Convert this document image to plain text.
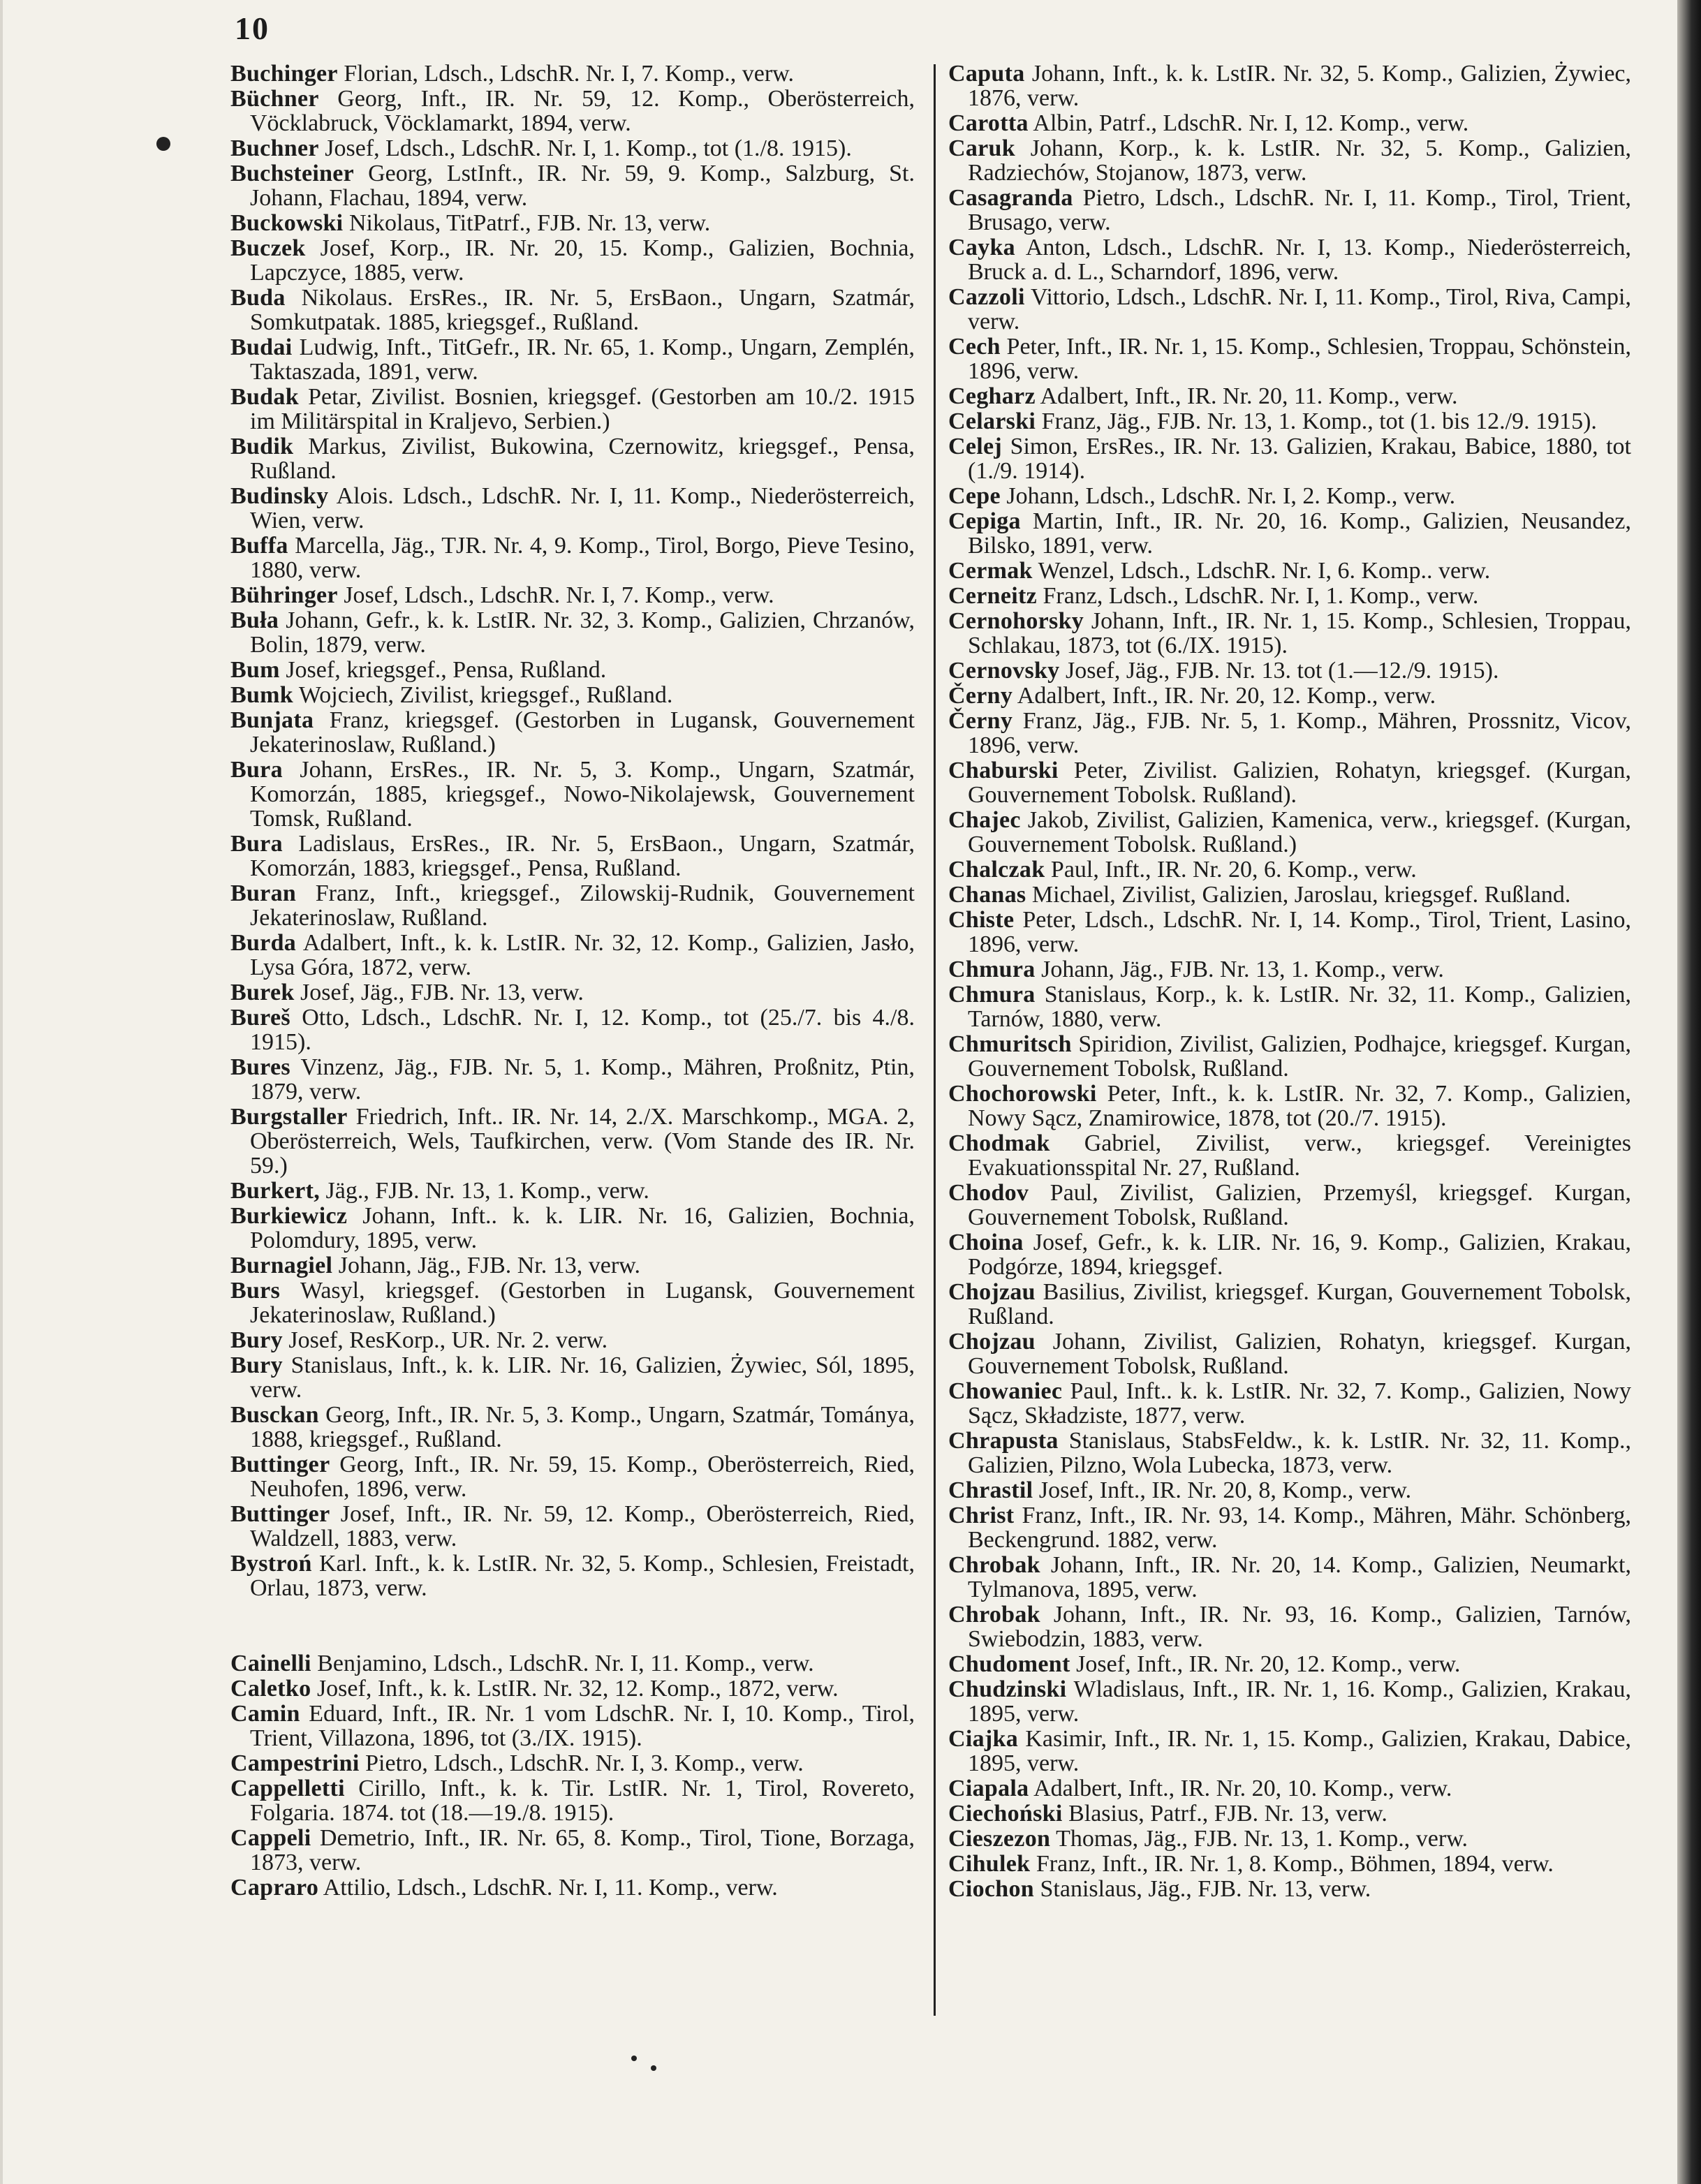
10

Buchinger Florian, Ldsch., LdschR. Nr. I, 7. Komp., verw.

Büchner Georg, Inft., IR. Nr. 59, 12. Komp., Oberösterreich, Vöcklabruck, Vöcklamarkt, 1894, verw.

Buchner Josef, Ldsch., LdschR. Nr. I, 1. Komp., tot (1./8. 1915).

Buchsteiner Georg, LstInft., IR. Nr. 59, 9. Komp., Salzburg, St. Johann, Flachau, 1894, verw.

Buckowski Nikolaus, TitPatrf., FJB. Nr. 13, verw.

Buczek Josef, Korp., IR. Nr. 20, 15. Komp., Galizien, Bochnia, Lapczyce, 1885, verw.

Buda Nikolaus. ErsRes., IR. Nr. 5, ErsBaon., Ungarn, Szatmár, Somkutpatak. 1885, kriegsgef., Rußland.

Budai Ludwig, Inft., TitGefr., IR. Nr. 65, 1. Komp., Ungarn, Zemplén, Taktaszada, 1891, verw.

Budak Petar, Zivilist. Bosnien, kriegsgef. (Gestorben am 10./2. 1915 im Militärspital in Kraljevo, Serbien.)

Budik Markus, Zivilist, Bukowina, Czernowitz, kriegsgef., Pensa, Rußland.

Budinsky Alois. Ldsch., LdschR. Nr. I, 11. Komp., Niederösterreich, Wien, verw.

Buffa Marcella, Jäg., TJR. Nr. 4, 9. Komp., Tirol, Borgo, Pieve Tesino, 1880, verw.

Bühringer Josef, Ldsch., LdschR. Nr. I, 7. Komp., verw.

Buła Johann, Gefr., k. k. LstIR. Nr. 32, 3. Komp., Galizien, Chrzanów, Bolin, 1879, verw.

Bum Josef, kriegsgef., Pensa, Rußland.

Bumk Wojciech, Zivilist, kriegsgef., Rußland.

Bunjata Franz, kriegsgef. (Gestorben in Lugansk, Gouvernement Jekaterinoslaw, Rußland.)

Bura Johann, ErsRes., IR. Nr. 5, 3. Komp., Ungarn, Szatmár, Komorzán, 1885, kriegsgef., Nowo-Nikolajewsk, Gouvernement Tomsk, Rußland.

Bura Ladislaus, ErsRes., IR. Nr. 5, ErsBaon., Ungarn, Szatmár, Komorzán, 1883, kriegsgef., Pensa, Rußland.

Buran Franz, Inft., kriegsgef., Zilowskij-Rudnik, Gouvernement Jekaterinoslaw, Rußland.

Burda Adalbert, Inft., k. k. LstIR. Nr. 32, 12. Komp., Galizien, Jasło, Lysa Góra, 1872, verw.

Burek Josef, Jäg., FJB. Nr. 13, verw.

Bureš Otto, Ldsch., LdschR. Nr. I, 12. Komp., tot (25./7. bis 4./8. 1915).

Bures Vinzenz, Jäg., FJB. Nr. 5, 1. Komp., Mähren, Proßnitz, Ptin, 1879, verw.

Burgstaller Friedrich, Inft.. IR. Nr. 14, 2./X. Marschkomp., MGA. 2, Oberösterreich, Wels, Taufkirchen, verw. (Vom Stande des IR. Nr. 59.)

Burkert, Jäg., FJB. Nr. 13, 1. Komp., verw.

Burkiewicz Johann, Inft.. k. k. LIR. Nr. 16, Galizien, Bochnia, Polomdury, 1895, verw.

Burnagiel Johann, Jäg., FJB. Nr. 13, verw.

Burs Wasyl, kriegsgef. (Gestorben in Lugansk, Gouvernement Jekaterinoslaw, Rußland.)

Bury Josef, ResKorp., UR. Nr. 2. verw.

Bury Stanislaus, Inft., k. k. LIR. Nr. 16, Galizien, Żywiec, Sól, 1895, verw.

Busckan Georg, Inft., IR. Nr. 5, 3. Komp., Ungarn, Szatmár, Tományа, 1888, kriegsgef., Rußland.

Buttinger Georg, Inft., IR. Nr. 59, 15. Komp., Oberösterreich, Ried, Neuhofen, 1896, verw.

Buttinger Josef, Inft., IR. Nr. 59, 12. Komp., Oberösterreich, Ried, Waldzell, 1883, verw.

Bystroń Karl. Inft., k. k. LstIR. Nr. 32, 5. Komp., Schlesien, Freistadt, Orlau, 1873, verw.

Cainelli Benjamino, Ldsch., LdschR. Nr. I, 11. Komp., verw.

Caletko Josef, Inft., k. k. LstIR. Nr. 32, 12. Komp., 1872, verw.

Camin Eduard, Inft., IR. Nr. 1 vom LdschR. Nr. I, 10. Komp., Tirol, Trient, Villazona, 1896, tot (3./IX. 1915).

Campestrini Pietro, Ldsch., LdschR. Nr. I, 3. Komp., verw.

Cappelletti Cirillo, Inft., k. k. Tir. LstIR. Nr. 1, Tirol, Rovereto, Folgaria. 1874. tot (18.—19./8. 1915).

Cappeli Demetrio, Inft., IR. Nr. 65, 8. Komp., Tirol, Tione, Borzaga, 1873, verw.

Capraro Attilio, Ldsch., LdschR. Nr. I, 11. Komp., verw.

Caputa Johann, Inft., k. k. LstIR. Nr. 32, 5. Komp., Galizien, Żywiec, 1876, verw.

Carotta Albin, Patrf., LdschR. Nr. I, 12. Komp., verw.

Caruk Johann, Korp., k. k. LstIR. Nr. 32, 5. Komp., Galizien, Radziechów, Stojanow, 1873, verw.

Casagranda Pietro, Ldsch., LdschR. Nr. I, 11. Komp., Tirol, Trient, Brusago, verw.

Cayka Anton, Ldsch., LdschR. Nr. I, 13. Komp., Niederösterreich, Bruck a. d. L., Scharndorf, 1896, verw.

Cazzoli Vittorio, Ldsch., LdschR. Nr. I, 11. Komp., Tirol, Riva, Campi, verw.

Cech Peter, Inft., IR. Nr. 1, 15. Komp., Schlesien, Troppau, Schönstein, 1896, verw.

Cegharz Adalbert, Inft., IR. Nr. 20, 11. Komp., verw.

Celarski Franz, Jäg., FJB. Nr. 13, 1. Komp., tot (1. bis 12./9. 1915).

Celej Simon, ErsRes., IR. Nr. 13. Galizien, Krakau, Babice, 1880, tot (1./9. 1914).

Cepe Johann, Ldsch., LdschR. Nr. I, 2. Komp., verw.

Cepiga Martin, Inft., IR. Nr. 20, 16. Komp., Galizien, Neusandez, Bilsko, 1891, verw.

Cermak Wenzel, Ldsch., LdschR. Nr. I, 6. Komp.. verw.

Cerneitz Franz, Ldsch., LdschR. Nr. I, 1. Komp., verw.

Cernohorsky Johann, Inft., IR. Nr. 1, 15. Komp., Schlesien, Troppau, Schlakau, 1873, tot (6./IX. 1915).

Cernovsky Josef, Jäg., FJB. Nr. 13. tot (1.—12./9. 1915).

Černy Adalbert, Inft., IR. Nr. 20, 12. Komp., verw.

Černy Franz, Jäg., FJB. Nr. 5, 1. Komp., Mähren, Prossnitz, Vicov, 1896, verw.

Chaburski Peter, Zivilist. Galizien, Rohatyn, kriegsgef. (Kurgan, Gouvernement Tobolsk. Rußland).

Chajec Jakob, Zivilist, Galizien, Kamenica, verw., kriegsgef. (Kurgan, Gouvernement Tobolsk. Rußland.)

Chalczak Paul, Inft., IR. Nr. 20, 6. Komp., verw.

Chanas Michael, Zivilist, Galizien, Jaroslau, kriegsgef. Rußland.

Chiste Peter, Ldsch., LdschR. Nr. I, 14. Komp., Tirol, Trient, Lasino, 1896, verw.

Chmura Johann, Jäg., FJB. Nr. 13, 1. Komp., verw.

Chmura Stanislaus, Korp., k. k. LstIR. Nr. 32, 11. Komp., Galizien, Tarnów, 1880, verw.

Chmuritsch Spiridion, Zivilist, Galizien, Podhajce, kriegsgef. Kurgan, Gouvernement Tobolsk, Rußland.

Chochorowski Peter, Inft., k. k. LstIR. Nr. 32, 7. Komp., Galizien, Nowy Sącz, Znamirowice, 1878, tot (20./7. 1915).

Chodmak Gabriel, Zivilist, verw., kriegsgef. Vereinigtes Evakuationsspital Nr. 27, Rußland.

Chodov Paul, Zivilist, Galizien, Przemyśl, kriegsgef. Kurgan, Gouvernement Tobolsk, Rußland.

Choina Josef, Gefr., k. k. LIR. Nr. 16, 9. Komp., Galizien, Krakau, Podgórze, 1894, kriegsgef.

Chojzau Basilius, Zivilist, kriegsgef. Kurgan, Gouvernement Tobolsk, Rußland.

Chojzau Johann, Zivilist, Galizien, Rohatyn, kriegsgef. Kurgan, Gouvernement Tobolsk, Rußland.

Chowaniec Paul, Inft.. k. k. LstIR. Nr. 32, 7. Komp., Galizien, Nowy Sącz, Składziste, 1877, verw.

Chrapusta Stanislaus, StabsFeldw., k. k. LstIR. Nr. 32, 11. Komp., Galizien, Pilzno, Wola Lubecka, 1873, verw.

Chrastil Josef, Inft., IR. Nr. 20, 8, Komp., verw.

Christ Franz, Inft., IR. Nr. 93, 14. Komp., Mähren, Mähr. Schönberg, Beckengrund. 1882, verw.

Chrobak Johann, Inft., IR. Nr. 20, 14. Komp., Galizien, Neumarkt, Tylmanova, 1895, verw.

Chrobak Johann, Inft., IR. Nr. 93, 16. Komp., Galizien, Tarnów, Swiebodzin, 1883, verw.

Chudoment Josef, Inft., IR. Nr. 20, 12. Komp., verw.

Chudzinski Wladislaus, Inft., IR. Nr. 1, 16. Komp., Galizien, Krakau, 1895, verw.

Ciajka Kasimir, Inft., IR. Nr. 1, 15. Komp., Galizien, Krakau, Dabice, 1895, verw.

Ciapala Adalbert, Inft., IR. Nr. 20, 10. Komp., verw.

Ciechoński Blasius, Patrf., FJB. Nr. 13, verw.

Cieszezon Thomas, Jäg., FJB. Nr. 13, 1. Komp., verw.

Cihulek Franz, Inft., IR. Nr. 1, 8. Komp., Böhmen, 1894, verw.

Ciochon Stanislaus, Jäg., FJB. Nr. 13, verw.
